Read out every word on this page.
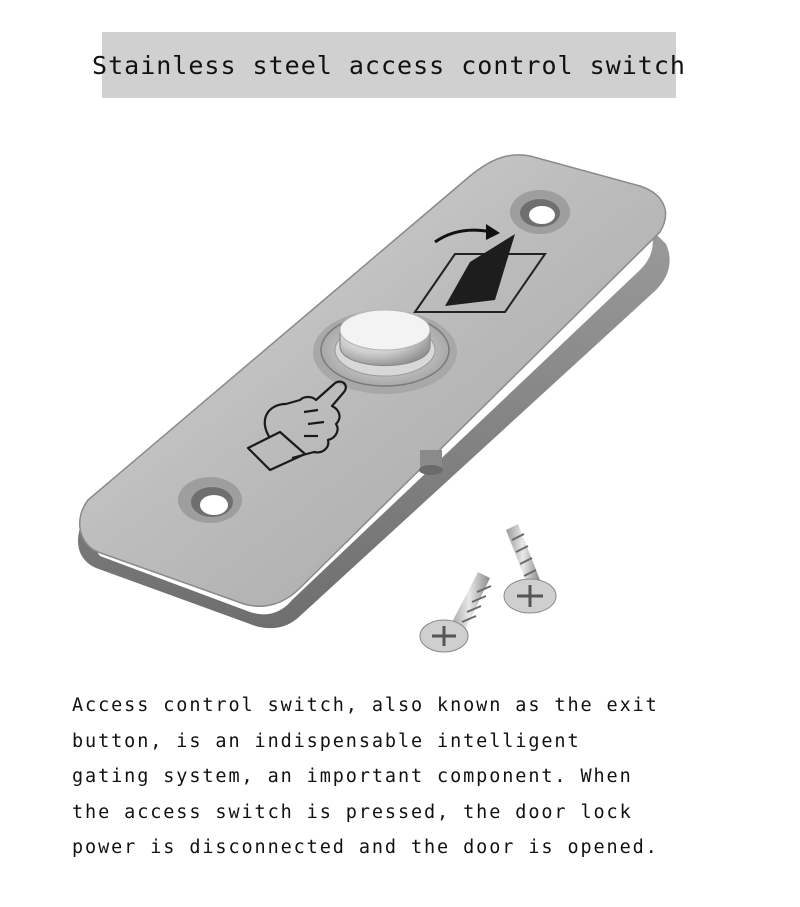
Stainless steel access control switch
Access control switch, also known as the exit
button, is an indispensable intelligent
gating system, an important component. When
the access switch is pressed, the door lock
power is disconnected and the door is opened.
